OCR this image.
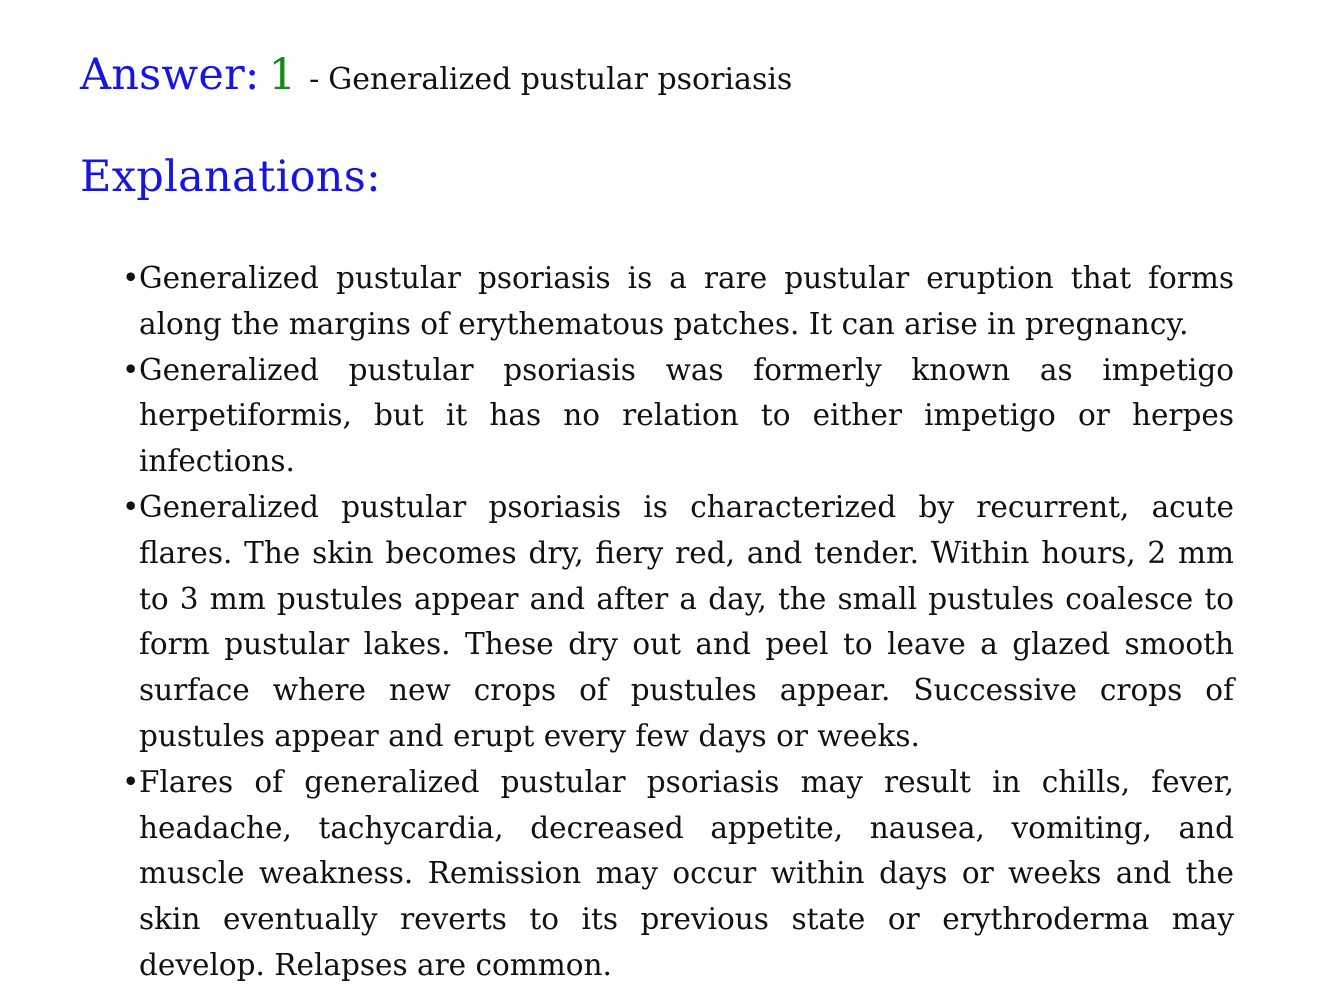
Answer: 1 - Generalized pustular psoriasis
Explanations:
• Generalized pustular psoriasis is a rare pustular eruption that forms along the margins of erythematous patches. It can arise in pregnancy.
• Generalized pustular psoriasis was formerly known as impetigo herpetiformis, but it has no relation to either impetigo or herpes infections.
• Generalized pustular psoriasis is characterized by recurrent, acute flares. The skin becomes dry, fiery red, and tender. Within hours, 2 mm to 3 mm pustules appear and after a day, the small pustules coalesce to form pustular lakes. These dry out and peel to leave a glazed smooth surface where new crops of pustules appear. Successive crops of pustules appear and erupt every few days or weeks.
• Flares of generalized pustular psoriasis may result in chills, fever, headache, tachycardia, decreased appetite, nausea, vomiting, and muscle weakness. Remission may occur within days or weeks and the skin eventually reverts to its previous state or erythroderma may develop. Relapses are common.
